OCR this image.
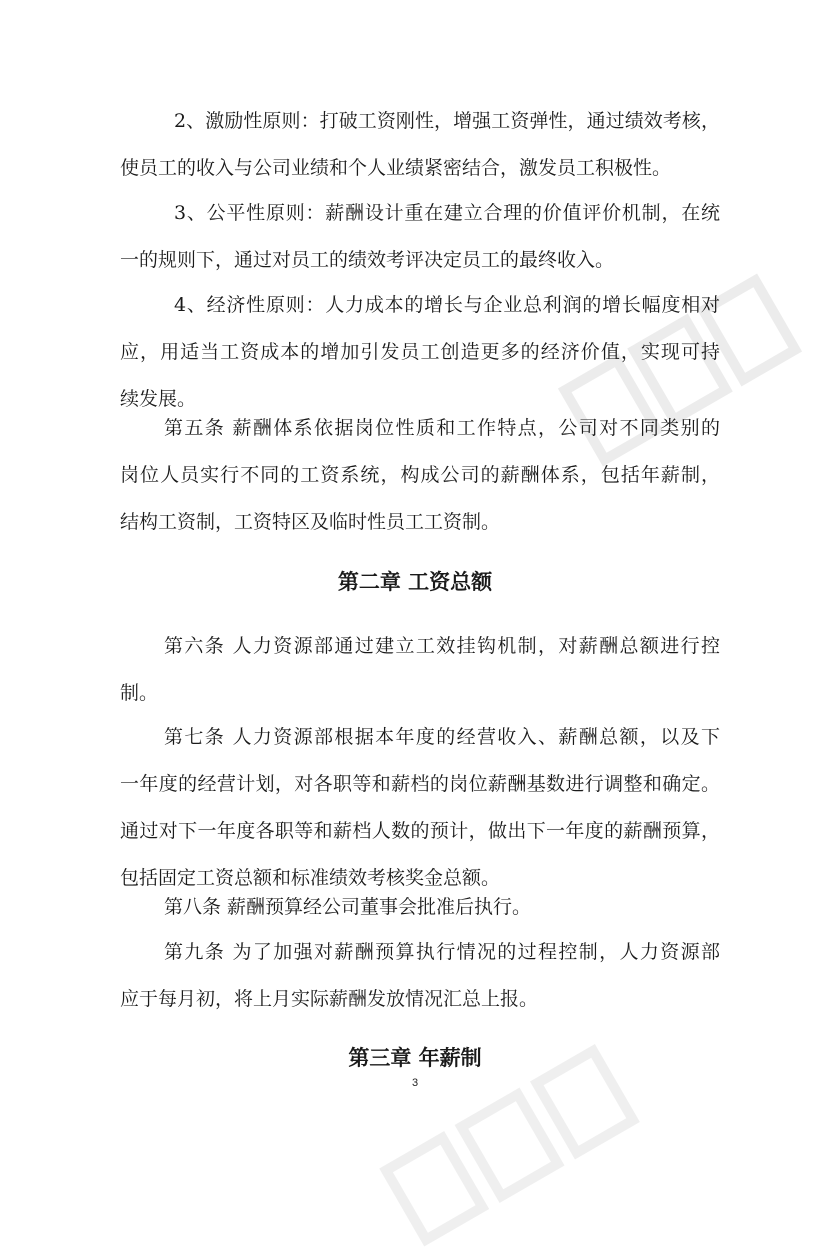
2、激励性原则：打破工资刚性，增强工资弹性，通过绩效考核，
使员工的收入与公司业绩和个人业绩紧密结合，激发员工积极性。
3、公平性原则：薪酬设计重在建立合理的价值评价机制，在统
一的规则下，通过对员工的绩效考评决定员工的最终收入。
4、经济性原则：人力成本的增长与企业总利润的增长幅度相对
应，用适当工资成本的增加引发员工创造更多的经济价值，实现可持
续发展。
第五条 薪酬体系依据岗位性质和工作特点，公司对不同类别的
岗位人员实行不同的工资系统，构成公司的薪酬体系，包括年薪制，
结构工资制，工资特区及临时性员工工资制。
第二章 工资总额
第六条 人力资源部通过建立工效挂钩机制，对薪酬总额进行控
制。
第七条 人力资源部根据本年度的经营收入、薪酬总额，以及下
一年度的经营计划，对各职等和薪档的岗位薪酬基数进行调整和确定。
通过对下一年度各职等和薪档人数的预计，做出下一年度的薪酬预算，
包括固定工资总额和标准绩效考核奖金总额。
第八条 薪酬预算经公司董事会批准后执行。
第九条 为了加强对薪酬预算执行情况的过程控制，人力资源部
应于每月初，将上月实际薪酬发放情况汇总上报。
第三章 年薪制
3
